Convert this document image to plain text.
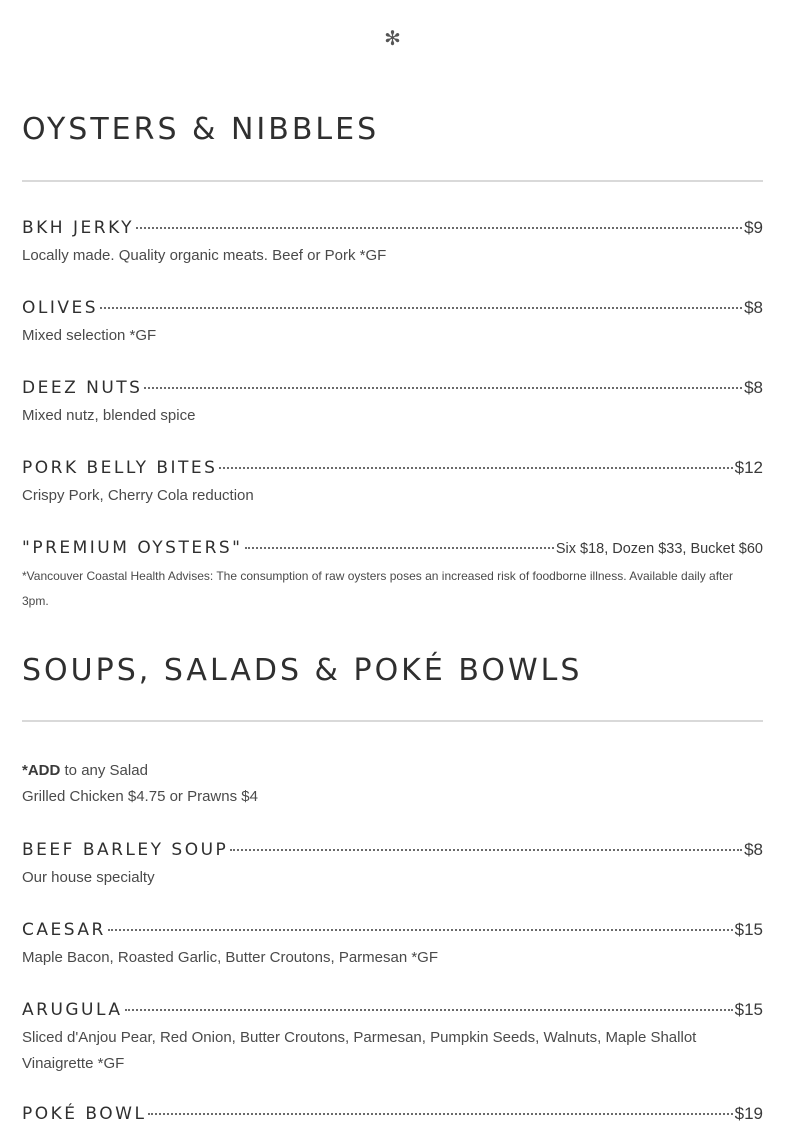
✻
OYSTERS & NIBBLES
BKH JERKY	$9
Locally made. Quality organic meats. Beef or Pork *GF
OLIVES	$8
Mixed selection *GF
DEEZ NUTS	$8
Mixed nutz, blended spice
PORK BELLY BITES	$12
Crispy Pork, Cherry Cola reduction
"PREMIUM OYSTERS"	Six $18, Dozen $33, Bucket $60
*Vancouver Coastal Health Advises: The consumption of raw oysters poses an increased risk of foodborne illness. Available daily after 3pm.
SOUPS, SALADS & POKÉ BOWLS
*ADD to any Salad
Grilled Chicken $4.75 or Prawns $4
BEEF BARLEY SOUP	$8
Our house specialty
CAESAR	$15
Maple Bacon, Roasted Garlic, Butter Croutons, Parmesan *GF
ARUGULA	$15
Sliced d'Anjou Pear, Red Onion, Butter Croutons, Parmesan, Pumpkin Seeds, Walnuts, Maple Shallot Vinaigrette *GF
POKÉ BOWL	$19
